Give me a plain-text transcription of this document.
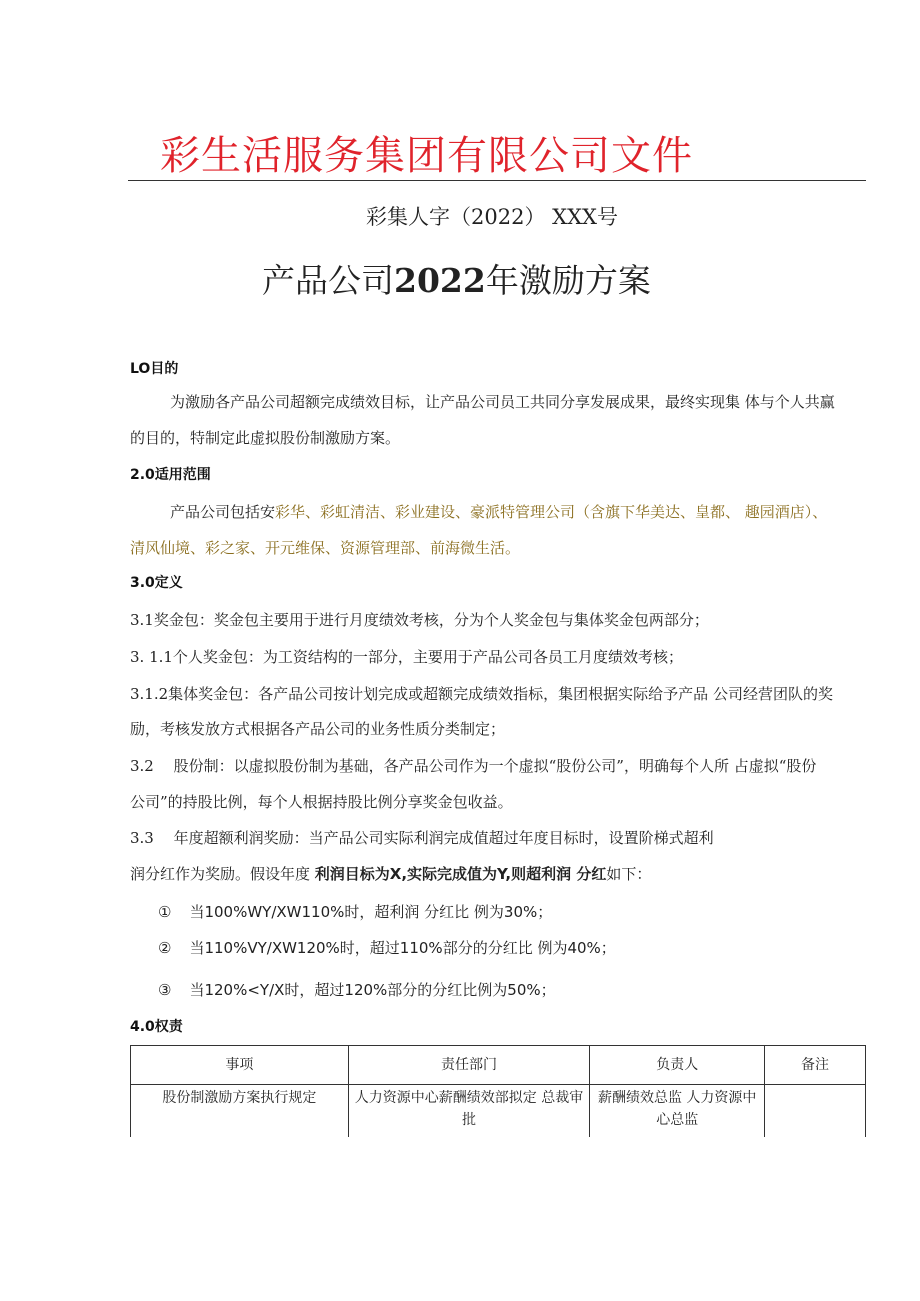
彩生活服务集团有限公司文件
彩集人字（2022） XXX号
产品公司2022年激励方案
LO目的
为激励各产品公司超额完成绩效目标，让产品公司员工共同分享发展成果，最终实现集 体与个人共赢
的目的，特制定此虚拟股份制激励方案。
2.0适用范围
产品公司包括安彩华、彩虹清洁、彩业建设、豪派特管理公司（含旗下华美达、皇都、 趣园酒店）、
清风仙境、彩之家、开元维保、资源管理部、前海微生活。
3.0定义
3.1奖金包：奖金包主要用于进行月度绩效考核，分为个人奖金包与集体奖金包两部分；
3. 1.1个人奖金包：为工资结构的一部分，主要用于产品公司各员工月度绩效考核；
3.1.2集体奖金包：各产品公司按计划完成或超额完成绩效指标，集团根据实际给予产品 公司经营团队的奖
励，考核发放方式根据各产品公司的业务性质分类制定；
3.2　 股份制：以虚拟股份制为基础，各产品公司作为一个虚拟“股份公司”，明确每个人所 占虚拟“股份
公司”的持股比例，每个人根据持股比例分享奖金包收益。
3.3　 年度超额利润奖励：当产品公司实际利润完成值超过年度目标时，设置阶梯式超利
润分红作为奖励。假设年度 利润目标为X,实际完成值为Y,则超利润 分红如下：
① 当100%WY/XW110%时，超利润 分红比 例为30%；
② 当110%VY/XW120%时，超过110%部分的分红比 例为40%；
③ 当120%<Y/X时，超过120%部分的分红比例为50%；
4.0权责
事项	责任部门	负责人	备注
股份制激励方案执行规定	人力资源中心薪酬绩效部拟定 总裁审批	薪酬绩效总监 人力资源中心总监	
